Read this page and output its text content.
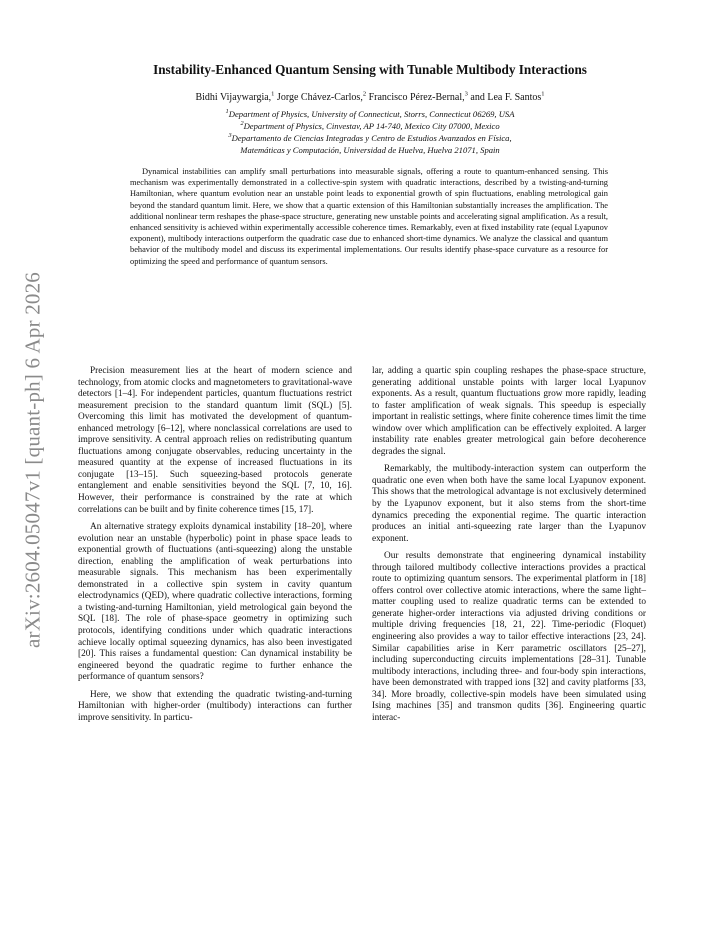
arXiv:2604.05047v1 [quant-ph] 6 Apr 2026
Instability-Enhanced Quantum Sensing with Tunable Multibody Interactions
Bidhi Vijaywargia,$^1$ Jorge Chávez-Carlos,$^2$ Francisco Pérez-Bernal,$^3$ and Lea F. Santos$^1$
$^1$Department of Physics, University of Connecticut, Storrs, Connecticut 06269, USA
$^2$Department of Physics, Cinvestav, AP 14-740, Mexico City 07000, Mexico
$^3$Departamento de Ciencias Integradas y Centro de Estudios Avanzados en Física,
Matemáticas y Computación, Universidad de Huelva, Huelva 21071, Spain
Dynamical instabilities can amplify small perturbations into measurable signals, offering a route to quantum-enhanced sensing. This mechanism was experimentally demonstrated in a collective-spin system with quadratic interactions, described by a twisting-and-turning Hamiltonian, where quantum evolution near an unstable point leads to exponential growth of spin fluctuations, enabling metrological gain beyond the standard quantum limit. Here, we show that a quartic extension of this Hamiltonian substantially increases the amplification. The additional nonlinear term reshapes the phase-space structure, generating new unstable points and accelerating signal amplification. As a result, enhanced sensitivity is achieved within experimentally accessible coherence times. Remarkably, even at fixed instability rate (equal Lyapunov exponent), multibody interactions outperform the quadratic case due to enhanced short-time dynamics. We analyze the classical and quantum behavior of the multibody model and discuss its experimental implementations. Our results identify phase-space curvature as a resource for optimizing the speed and performance of quantum sensors.

Precision measurement lies at the heart of modern science and technology, from atomic clocks and magnetometers to gravitational-wave detectors [1–4]. For independent particles, quantum fluctuations restrict measurement precision to the standard quantum limit (SQL) [5]. Overcoming this limit has motivated the development of quantum-enhanced metrology [6–12], where nonclassical correlations are used to improve sensitivity. A central approach relies on redistributing quantum fluctuations among conjugate observables, reducing uncertainty in the measured quantity at the expense of increased fluctuations in its conjugate [13–15]. Such squeezing-based protocols generate entanglement and enable sensitivities beyond the SQL [7, 10, 16]. However, their performance is constrained by the rate at which correlations can be built and by finite coherence times [15, 17].

An alternative strategy exploits dynamical instability [18–20], where evolution near an unstable (hyperbolic) point in phase space leads to exponential growth of fluctuations (anti-squeezing) along the unstable direction, enabling the amplification of weak perturbations into measurable signals. This mechanism has been experimentally demonstrated in a collective spin system in cavity quantum electrodynamics (QED), where quadratic collective interactions, forming a twisting-and-turning Hamiltonian, yield metrological gain beyond the SQL [18]. The role of phase-space geometry in optimizing such protocols, identifying conditions under which quadratic interactions achieve locally optimal squeezing dynamics, has also been investigated [20]. This raises a fundamental question: Can dynamical instability be engineered beyond the quadratic regime to further enhance the performance of quantum sensors?

Here, we show that extending the quadratic twisting-and-turning Hamiltonian with higher-order (multibody) interactions can further improve sensitivity. In particu-

lar, adding a quartic spin coupling reshapes the phase-space structure, generating additional unstable points with larger local Lyapunov exponents. As a result, quantum fluctuations grow more rapidly, leading to faster amplification of weak signals. This speedup is especially important in realistic settings, where finite coherence times limit the time window over which amplification can be effectively exploited. A larger instability rate enables greater metrological gain before decoherence degrades the signal.

Remarkably, the multibody-interaction system can outperform the quadratic one even when both have the same local Lyapunov exponent. This shows that the metrological advantage is not exclusively determined by the Lyapunov exponent, but it also stems from the short-time dynamics preceding the exponential regime. The quartic interaction produces an initial anti-squeezing rate larger than the Lyapunov exponent.

Our results demonstrate that engineering dynamical instability through tailored multibody collective interactions provides a practical route to optimizing quantum sensors. The experimental platform in [18] offers control over collective atomic interactions, where the same light–matter coupling used to realize quadratic terms can be extended to generate higher-order interactions via adjusted driving conditions or multiple driving frequencies [18, 21, 22]. Time-periodic (Floquet) engineering also provides a way to tailor effective interactions [23, 24]. Similar capabilities arise in Kerr parametric oscillators [25–27], including superconducting circuits implementations [28–31]. Tunable multibody interactions, including three- and four-body spin interactions, have been demonstrated with trapped ions [32] and cavity platforms [33, 34]. More broadly, collective-spin models have been simulated using Ising machines [35] and transmon qudits [36]. Engineering quartic interac-
